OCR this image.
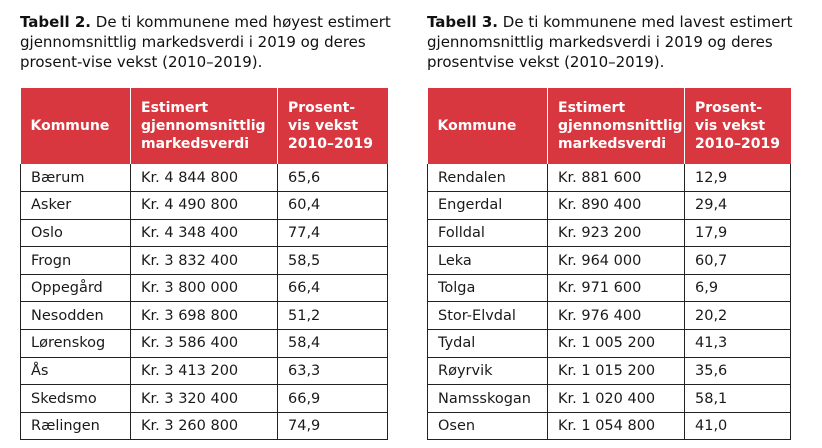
Tabell 2. De ti kommunene med høyest estimert gjennomsnittlig markedsverdi i 2019 og deres prosent-vise vekst (2010–2019).

Kommune	Estimert
gjennomsnittlig
markedsverdi	Prosent-
vis vekst
2010–2019
Bærum	Kr. 4 844 800	65,6
Asker	Kr. 4 490 800	60,4
Oslo	Kr. 4 348 400	77,4
Frogn	Kr. 3 832 400	58,5
Oppegård	Kr. 3 800 000	66,4
Nesodden	Kr. 3 698 800	51,2
Lørenskog	Kr. 3 586 400	58,4
Ås	Kr. 3 413 200	63,3
Skedsmo	Kr. 3 320 400	66,9
Rælingen	Kr. 3 260 800	74,9

Tabell 3. De ti kommunene med lavest estimert gjennomsnittlig markedsverdi i 2019 og deres prosentvise vekst (2010–2019).

Kommune	Estimert
gjennomsnittlig
markedsverdi	Prosent-
vis vekst
2010–2019
Rendalen	Kr. 881 600	12,9
Engerdal	Kr. 890 400	29,4
Folldal	Kr. 923 200	17,9
Leka	Kr. 964 000	60,7
Tolga	Kr. 971 600	6,9
Stor-Elvdal	Kr. 976 400	20,2
Tydal	Kr. 1 005 200	41,3
Røyrvik	Kr. 1 015 200	35,6
Namsskogan	Kr. 1 020 400	58,1
Osen	Kr. 1 054 800	41,0
